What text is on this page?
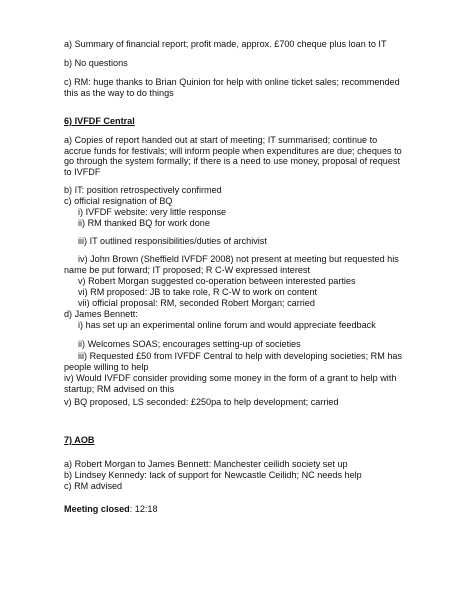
a) Summary of financial report; profit made, approx. £700 cheque plus loan to IT

b) No questions

c) RM: huge thanks to Brian Quinion for help with online ticket sales; recommended this as the way to do things

6) IVFDF Central

a) Copies of report handed out at start of meeting; IT summarised; continue to accrue funds for festivals; will inform people when expenditures are due; cheques to go through the system formally; if there is a need to use money, proposal of request to IVFDF

b) IT: position retrospectively confirmed

c) official resignation of BQ

i) IVFDF website: very little response

ii) RM thanked BQ for work done

iii) IT outlined responsibilities/duties of archivist

iv) John Brown (Sheffield IVFDF 2008) not present at meeting but requested his name be put forward; IT proposed; R C-W expressed interest

v) Robert Morgan suggested co-operation between interested parties

vi) RM proposed: JB to take role, R C-W to work on content

vii) official proposal: RM, seconded Robert Morgan; carried

d) James Bennett:

i) has set up an experimental online forum and would appreciate feedback

ii) Welcomes SOAS; encourages setting-up of societies

iii) Requested £50 from IVFDF Central to help with developing societies; RM has people willing to help

iv) Would IVFDF consider providing some money in the form of a grant to help with startup; RM advised on this

v) BQ proposed, LS seconded: £250pa to help development; carried

7) AOB

a) Robert Morgan to James Bennett: Manchester ceilidh society set up

b) Lindsey Kennedy: lack of support for Newcastle Ceilidh; NC needs help

c) RM advised

Meeting closed: 12:18
